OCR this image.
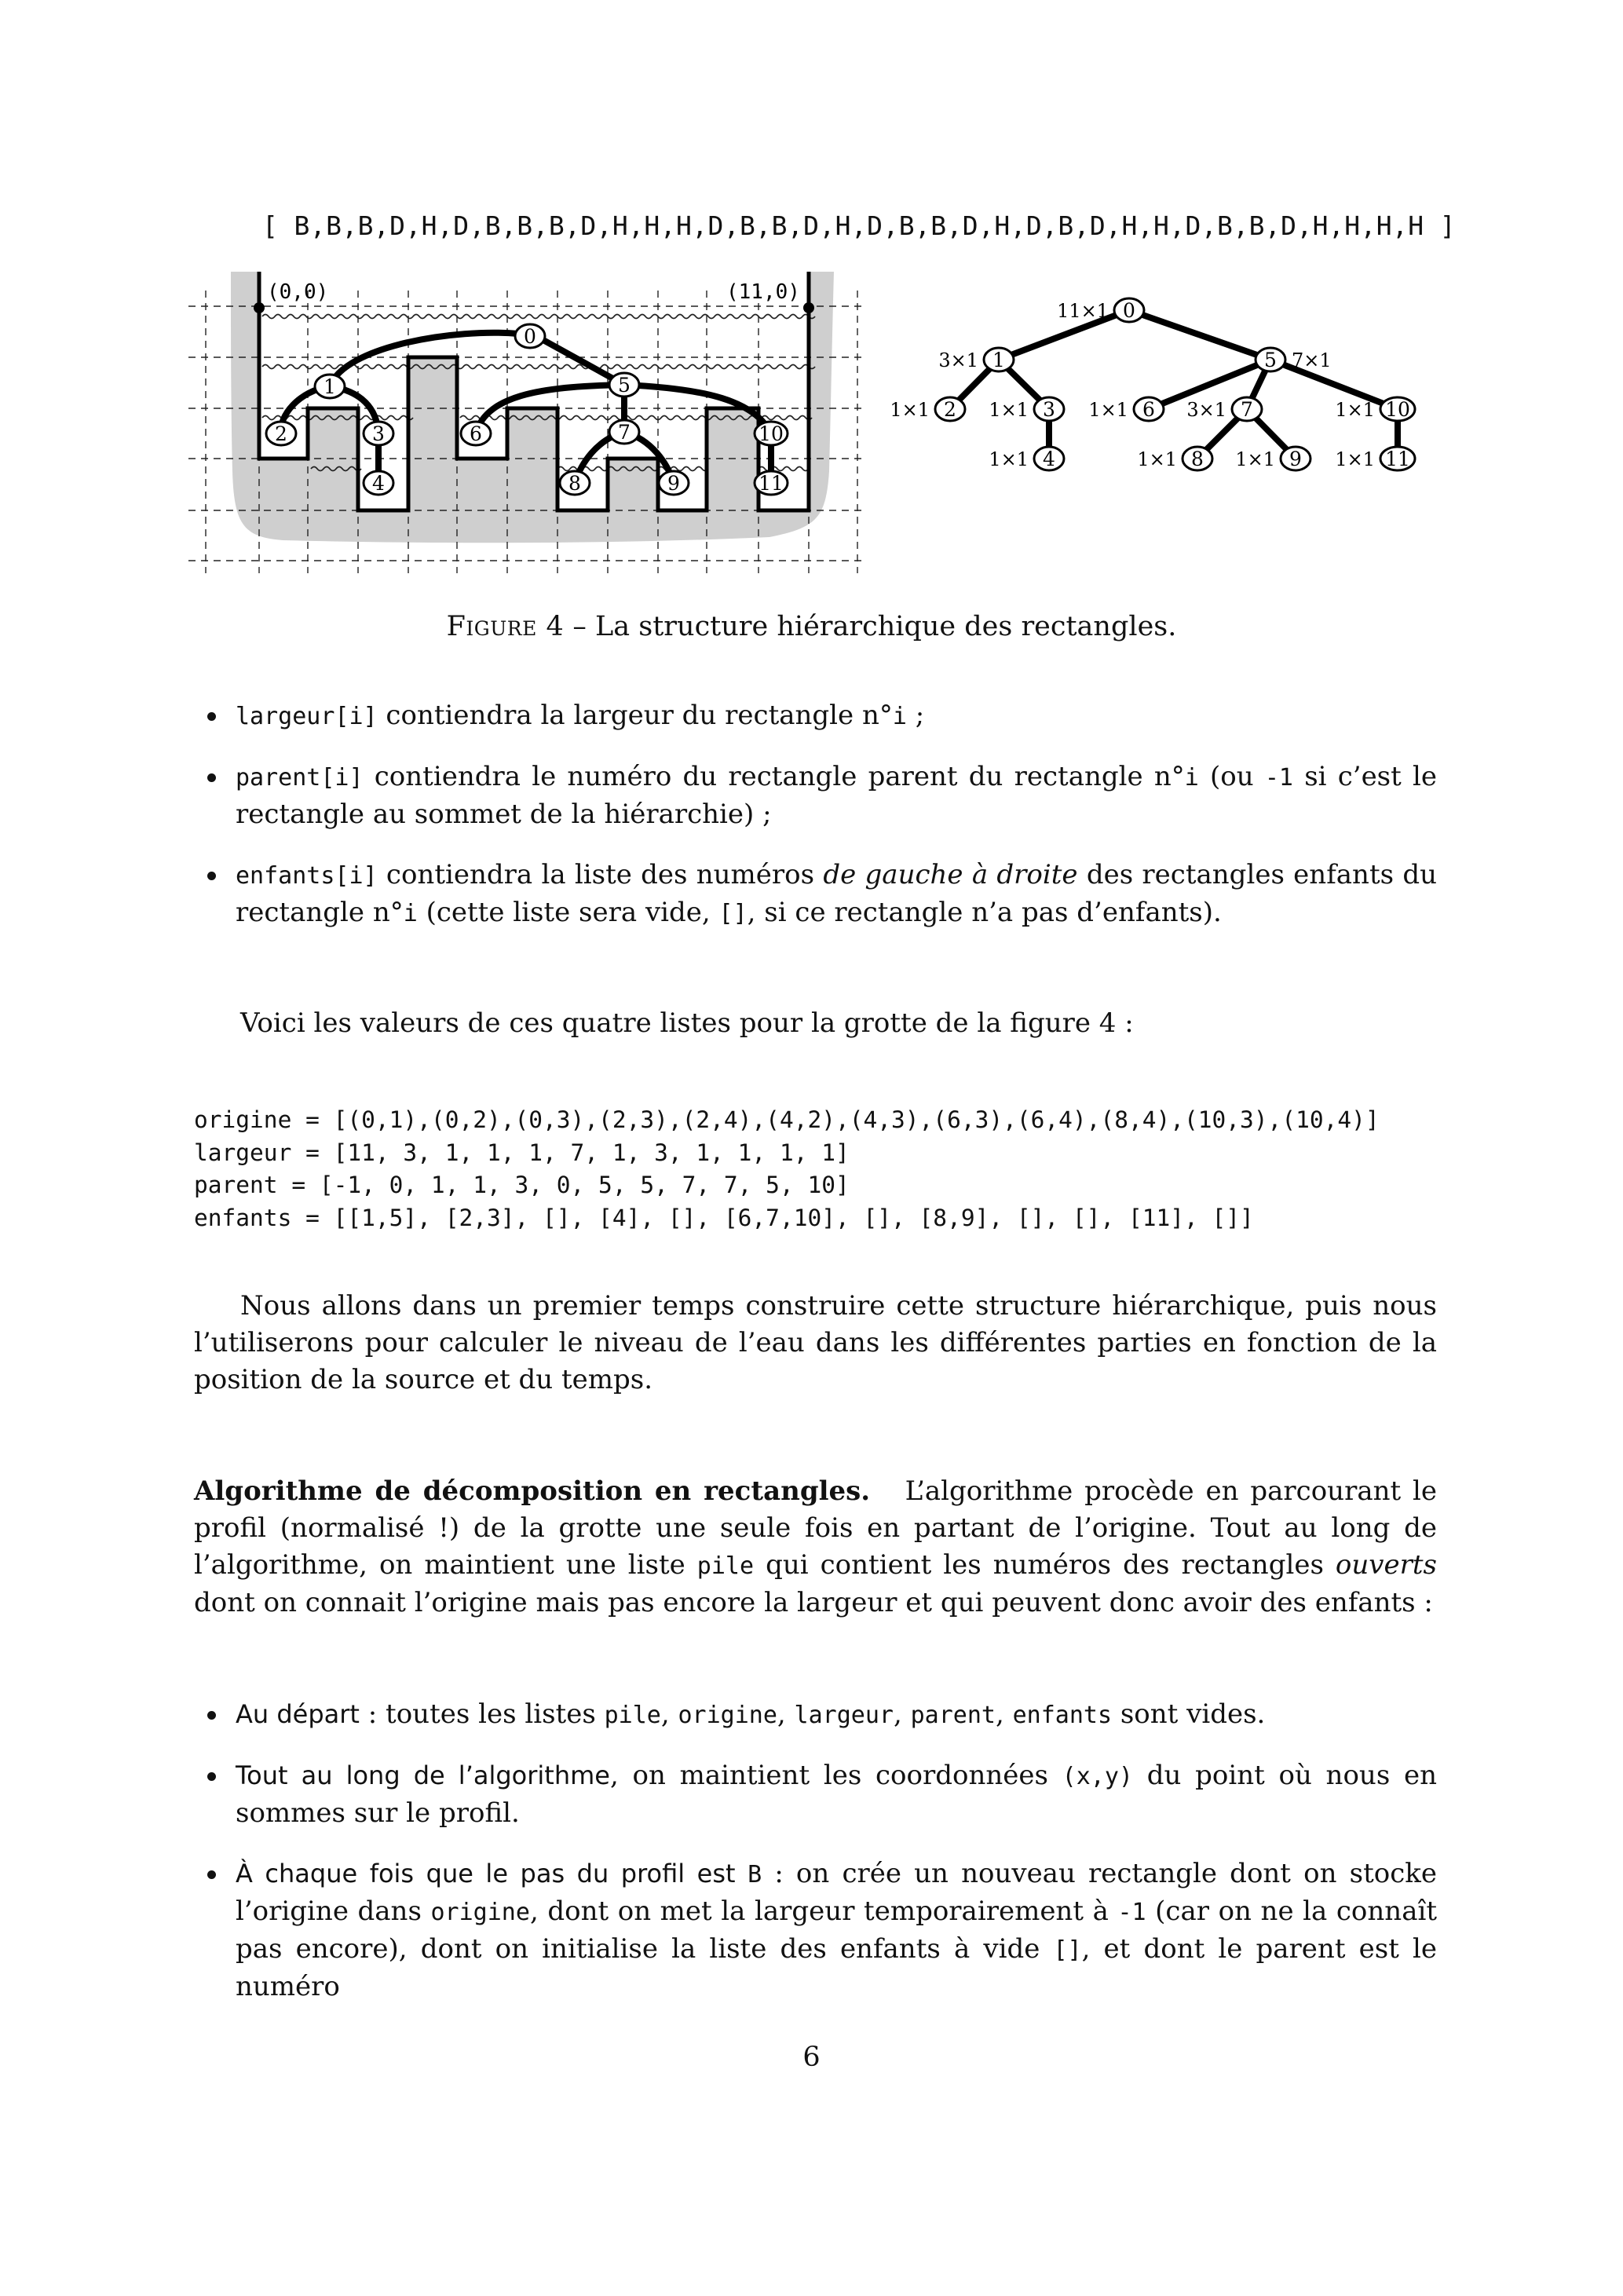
[ B,B,B,D,H,D,B,B,B,D,H,H,H,D,B,B,D,H,D,B,B,D,H,D,B,D,H,H,D,B,B,D,H,H,H,H ]
(0,0)	(11,0)
0
1
2	3
4
5
6	7
8	9
10
11
0
11×1
1
3×1
2
1×1	3
1×1
4
1×1
5 7×1
6
1×1	7
3×1
8
1×1	9
1×1
10
1×1
11
1×1
Figure 4 – La structure hiérarchique des rectangles.
largeur[i] contiendra la largeur du rectangle n°i ;
parent[i] contiendra le numéro du rectangle parent du rectangle n°i (ou -1 si c’est le rectangle au sommet de la hiérarchie) ;
enfants[i] contiendra la liste des numéros de gauche à droite des rectangles enfants du rectangle n°i (cette liste sera vide, [], si ce rectangle n’a pas d’enfants).
Voici les valeurs de ces quatre listes pour la grotte de la figure 4 :
origine = [(0,1),(0,2),(0,3),(2,3),(2,4),(4,2),(4,3),(6,3),(6,4),(8,4),(10,3),(10,4)]
largeur = [11, 3, 1, 1, 1, 7, 1, 3, 1, 1, 1, 1]
parent = [-1, 0, 1, 1, 3, 0, 5, 5, 7, 7, 5, 10]
enfants = [[1,5], [2,3], [], [4], [], [6,7,10], [], [8,9], [], [], [11], []]

Nous allons dans un premier temps construire cette structure hiérarchique, puis nous l’utiliserons pour calculer le niveau de l’eau dans les différentes parties en fonction de la position de la source et du temps.

Algorithme de décomposition en rectangles.   L’algorithme procède en parcourant le profil (normalisé !) de la grotte une seule fois en partant de l’origine. Tout au long de l’algorithme, on maintient une liste pile qui contient les numéros des rectangles ouverts dont on connait l’origine mais pas encore la largeur et qui peuvent donc avoir des enfants :

Au départ : toutes les listes pile, origine, largeur, parent, enfants sont vides.
Tout au long de l’algorithme, on maintient les coordonnées (x,y) du point où nous en sommes sur le profil.
À chaque fois que le pas du profil est B : on crée un nouveau rectangle dont on stocke l’origine dans origine, dont on met la largeur temporairement à -1 (car on ne la connaît pas encore), dont on initialise la liste des enfants à vide [], et dont le parent est le numéro
6
